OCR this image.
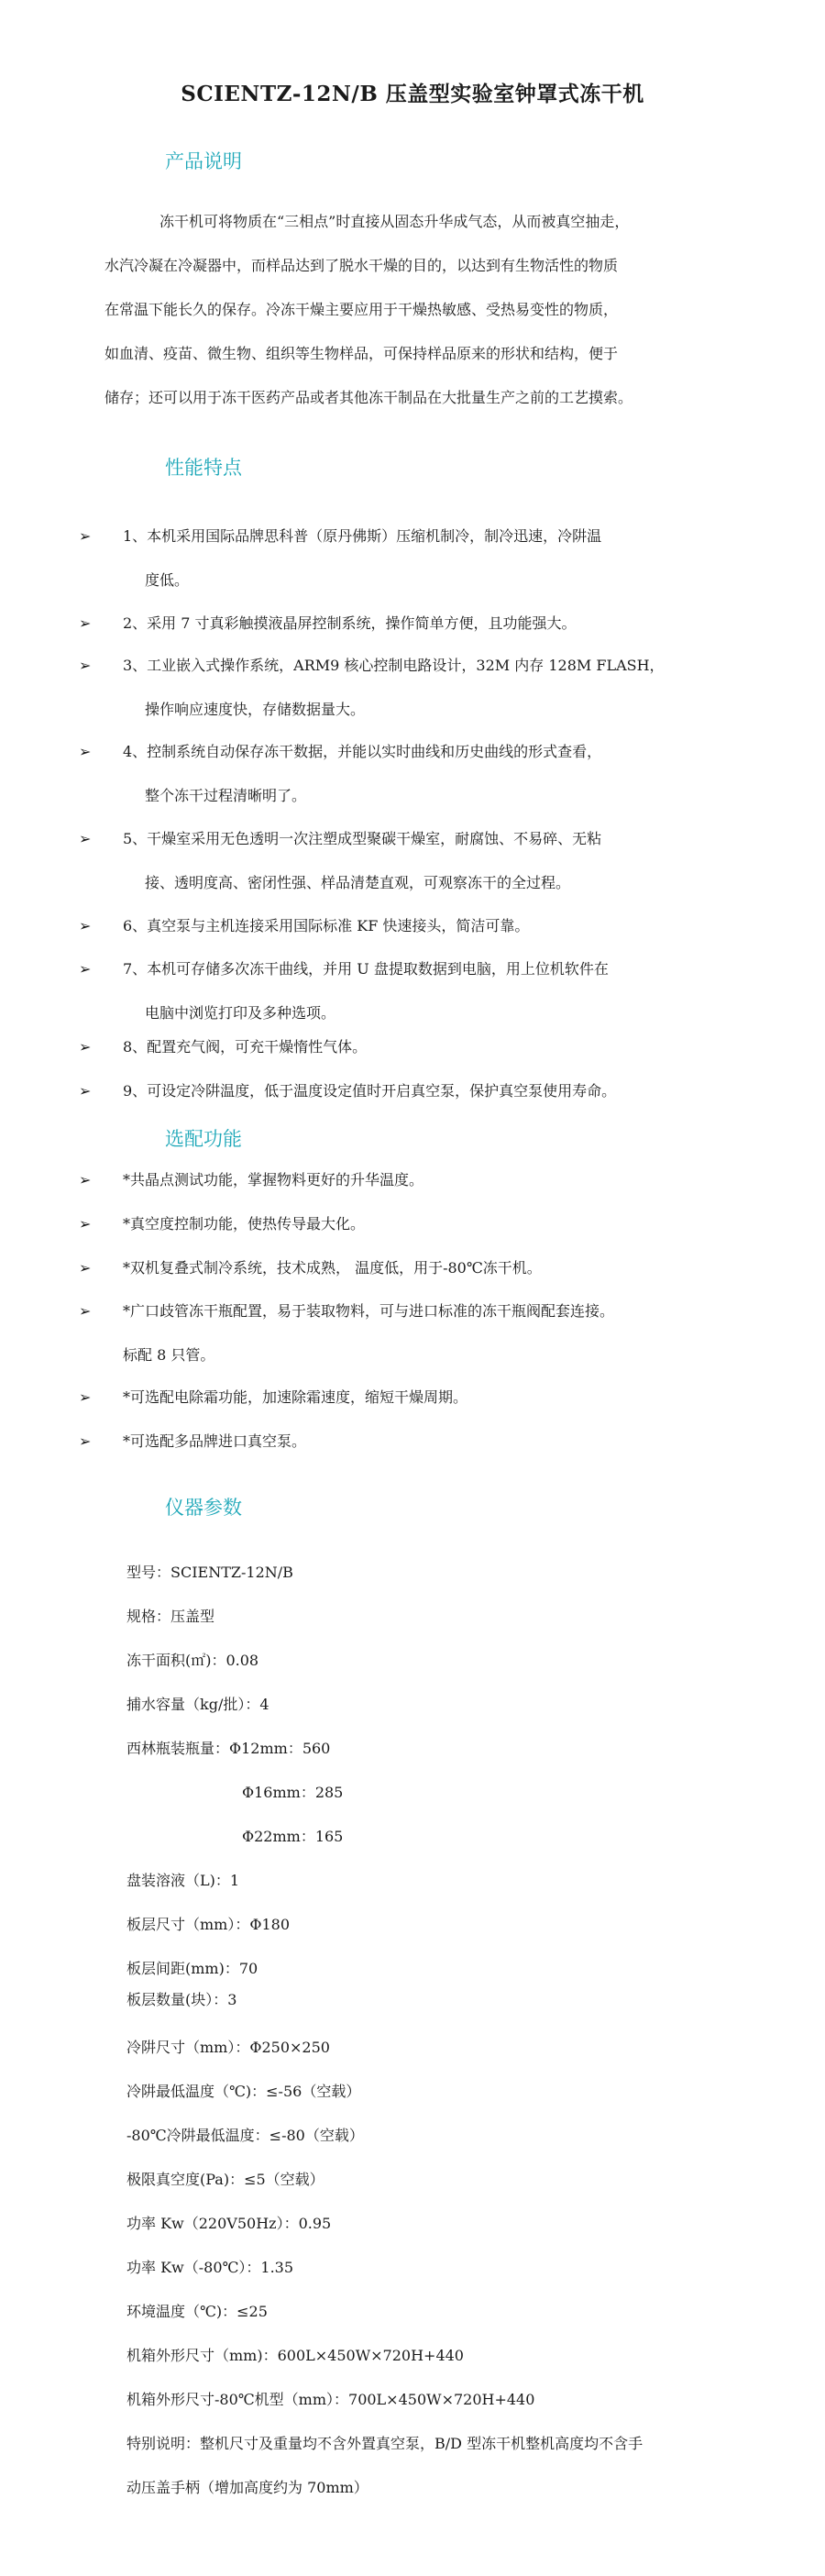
SCIENTZ-12N/B 压盖型实验室钟罩式冻干机
产品说明

冻干机可将物质在“三相点”时直接从固态升华成气态，从而被真空抽走，

水汽冷凝在冷凝器中，而样品达到了脱水干燥的目的，以达到有生物活性的物质

在常温下能长久的保存。冷冻干燥主要应用于干燥热敏感、受热易变性的物质，

如血清、疫苗、微生物、组织等生物样品，可保持样品原来的形状和结构，便于

储存；还可以用于冻干医药产品或者其他冻干制品在大批量生产之前的工艺摸索。

性能特点
➢ 1、本机采用国际品牌思科普（原丹佛斯）压缩机制冷，制冷迅速，冷阱温
度低。
➢ 2、采用 7 寸真彩触摸液晶屏控制系统，操作简单方便，且功能强大。
➢ 3、工业嵌入式操作系统，ARM9 核心控制电路设计，32M 内存 128M FLASH，
操作响应速度快，存储数据量大。
➢ 4、控制系统自动保存冻干数据，并能以实时曲线和历史曲线的形式查看，
整个冻干过程清晰明了。
➢ 5、干燥室采用无色透明一次注塑成型聚碳干燥室，耐腐蚀、不易碎、无粘
接、透明度高、密闭性强、样品清楚直观，可观察冻干的全过程。
➢ 6、真空泵与主机连接采用国际标准 KF 快速接头，简洁可靠。
➢ 7、本机可存储多次冻干曲线，并用 U 盘提取数据到电脑，用上位机软件在
电脑中浏览打印及多种选项。
➢ 8、配置充气阀，可充干燥惰性气体。
➢ 9、可设定冷阱温度，低于温度设定值时开启真空泵，保护真空泵使用寿命。
选配功能
➢ *共晶点测试功能，掌握物料更好的升华温度。
➢ *真空度控制功能，使热传导最大化。
➢ *双机复叠式制冷系统，技术成熟， 温度低，用于-80℃冻干机。
➢ *广口歧管冻干瓶配置，易于装取物料，可与进口标准的冻干瓶阀配套连接。
标配 8 只管。
➢ *可选配电除霜功能，加速除霜速度，缩短干燥周期。
➢ *可选配多品牌进口真空泵。
仪器参数
型号：SCIENTZ-12N/B
规格：压盖型
冻干面积(㎡)：0.08
捕水容量（kg/批）：4
西林瓶装瓶量：Φ12mm：560
Φ16mm：285
Φ22mm：165
盘装溶液（L)：1
板层尺寸（mm）：Φ180
板层间距(mm)：70
板层数量(块）：3
冷阱尺寸（mm）：Φ250×250
冷阱最低温度（℃)：≤-56（空载）
-80℃冷阱最低温度：≤-80（空载）
极限真空度(Pa)：≤5（空载）
功率 Kw（220V50Hz）：0.95
功率 Kw（-80℃）：1.35
环境温度（℃)：≤25
机箱外形尺寸（mm)：600L×450W×720H+440
机箱外形尺寸-80℃机型（mm）：700L×450W×720H+440
特别说明：整机尺寸及重量均不含外置真空泵，B/D 型冻干机整机高度均不含手
动压盖手柄（增加高度约为 70mm）
